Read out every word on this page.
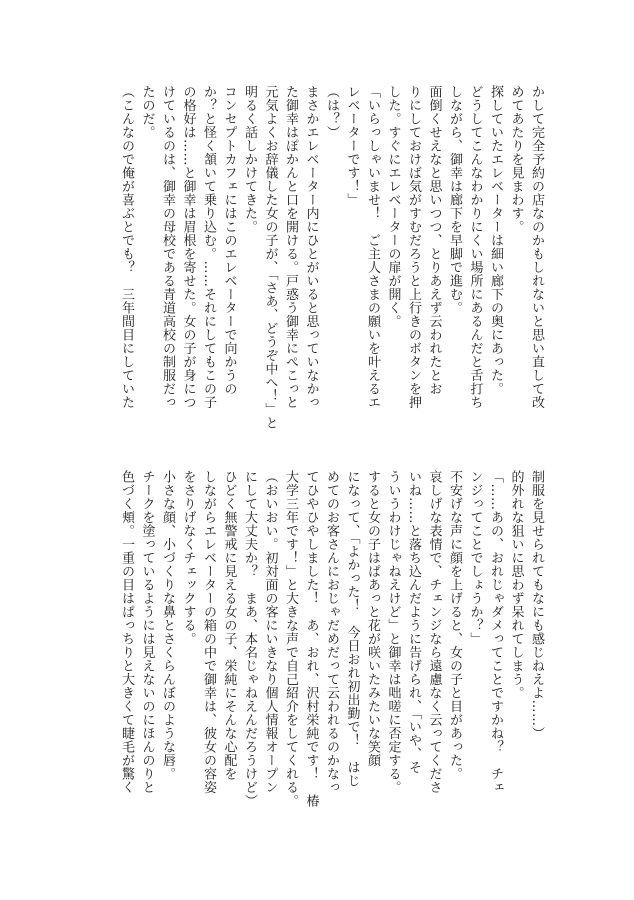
かして完全予約の店なのかもしれないと思い直して改
めてあたりを見まわす。
探していたエレベーターは細い廊下の奥にあった。
どうしてこんなわかりにくい場所にあるんだと舌打ち
しながら、御幸は廊下を早脚で進む。
面倒くせえなと思いつつ、とりあえず云われたとお
りにしておけば気がすむだろうと上行きのボタンを押
した。すぐにエレベーターの扉が開く。
「いらっしゃいませ！　ご主人さまの願いを叶えるエ
レベーターです！」
（は？）
まさかエレベーター内にひとがいると思っていなかっ
た御幸はぽかんと口を開ける。戸惑う御幸にぺこっと
元気よくお辞儀した女の子が、「さあ、どうぞ中へ！」と
明るく話しかけてきた。
コンセプトカフェにはこのエレベーターで向かうの
か？と怪く頷いて乗り込む。……それにしてもこの子
の格好は……と御幸は眉根を寄せた。女の子が身につ
けているのは、御幸の母校である青道高校の制服だっ
たのだ。
（こんなので俺が喜ぶとでも？　三年間目にしていた
制服を見せられてもなにも感じねえよ……）
的外れな狙いに思わず呆れてしまう。
「……あの、おれじゃダメってことですかね？　チェ
ンジってことでしょうか？」
不安げな声に顔を上げると、女の子と目があった。
哀しげな表情で、チェンジなら遠慮なく云ってくださ
いね……と落ち込んだように告げられ、「いや、そ
ういうわけじゃねえけど」と御幸は咄嗟に否定する。
すると女の子はぱあっと花が咲いたみたいな笑顔
になって、「よかった！　今日おれ初出勤で！　はじ
めてのお客さんにおじゃだめだって云われるのかなっ
てひやひやしました！　あ、おれ、沢村栄純です！　椿
大学三年です！」と大きな声で自己紹介をしてくれる。
（おいおい。初対面の客にいきなり個人情報オープン
にして大丈夫か？　まあ、本名じゃねえんだろうけど）
ひどく無警戒に見える女の子、栄純にそんな心配を
しながらエレベーターの箱の中で御幸は、彼女の容姿
をさりげなくチェックする。
小さな顔、小づくりな鼻とさくらんぼのような唇。
チークを塗っているようには見えないのにほんのりと
色づく頬。一重の目はぱっちりと大きくて睫毛が驚く
